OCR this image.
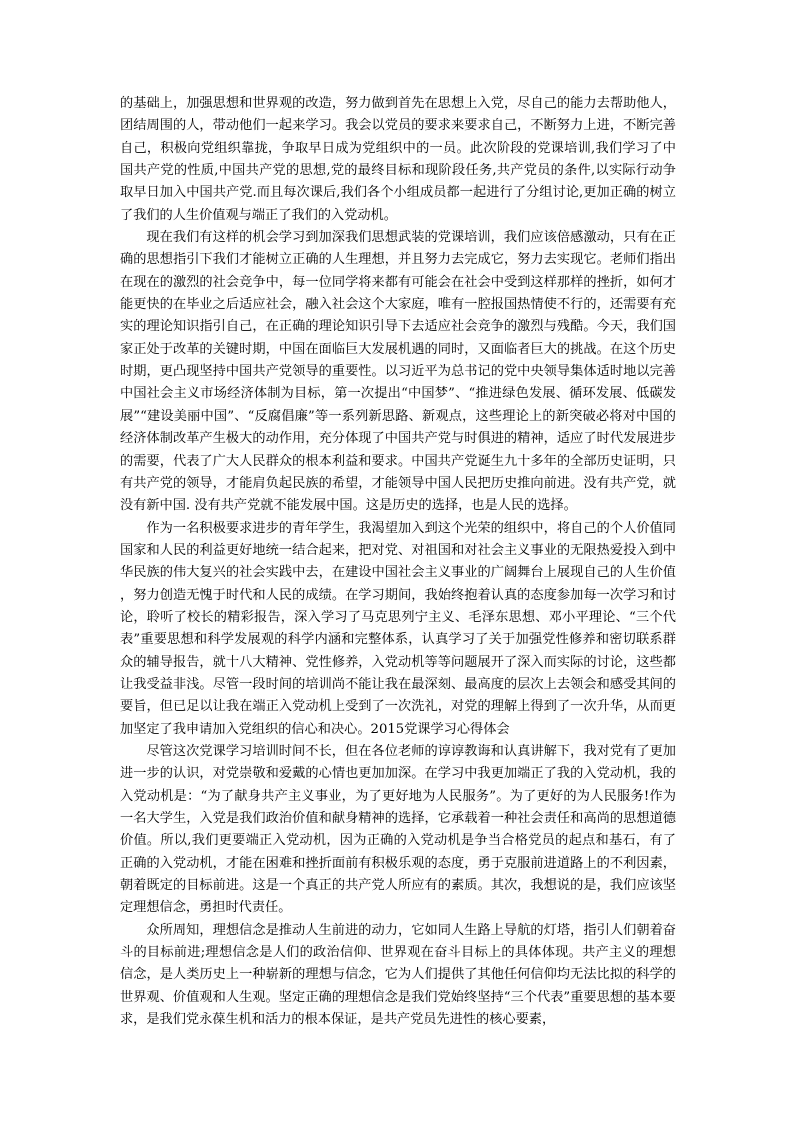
的基础上，加强思想和世界观的改造，努力做到首先在思想上入党，尽自己的能力去帮助他人，团结周围的人，带动他们一起来学习。我会以党员的要求来要求自己，不断努力上进，不断完善自己，积极向党组织靠拢，争取早日成为党组织中的一员。此次阶段的党课培训,我们学习了中国共产党的性质,中国共产党的思想,党的最终目标和现阶段任务,共产党员的条件,以实际行动争取早日加入中国共产党.而且每次课后,我们各个小组成员都一起进行了分组讨论,更加正确的树立了我们的人生价值观与端正了我们的入党动机。

现在我们有这样的机会学习到加深我们思想武装的党课培训，我们应该倍感激动，只有在正确的思想指引下我们才能树立正确的人生理想，并且努力去完成它，努力去实现它。老师们指出在现在的激烈的社会竞争中，每一位同学将来都有可能会在社会中受到这样那样的挫折，如何才能更快的在毕业之后适应社会，融入社会这个大家庭，唯有一腔报国热情使不行的，还需要有充实的理论知识指引自己，在正确的理论知识引导下去适应社会竞争的激烈与残酷。今天，我们国家正处于改革的关键时期，中国在面临巨大发展机遇的同时，又面临者巨大的挑战。在这个历史时期，更凸现坚持中国共产党领导的重要性。以习近平为总书记的党中央领导集体适时地以完善中国社会主义市场经济体制为目标，第一次提出“中国梦”、“推进绿色发展、循环发展、低碳发展”“建设美丽中国”、“反腐倡廉”等一系列新思路、新观点，这些理论上的新突破必将对中国的经济体制改革产生极大的动作用，充分体现了中国共产党与时俱进的精神，适应了时代发展进步的需要，代表了广大人民群众的根本利益和要求。中国共产党诞生九十多年的全部历史证明，只有共产党的领导，才能肩负起民族的希望，才能领导中国人民把历史推向前进。没有共产党，就没有新中国. 没有共产党就不能发展中国。这是历史的选择，也是人民的选择。

作为一名积极要求进步的青年学生，我渴望加入到这个光荣的组织中，将自己的个人价值同国家和人民的利益更好地统一结合起来，把对党、对祖国和对社会主义事业的无限热爱投入到中华民族的伟大复兴的社会实践中去，在建设中国社会主义事业的广阔舞台上展现自己的人生价值，努力创造无愧于时代和人民的成绩。在学习期间，我始终抱着认真的态度参加每一次学习和讨论，聆听了校长的精彩报告，深入学习了马克思列宁主义、毛泽东思想、邓小平理论、“三个代表”重要思想和科学发展观的科学内涵和完整体系，认真学习了关于加强党性修养和密切联系群众的辅导报告，就十八大精神、党性修养，入党动机等等问题展开了深入而实际的讨论，这些都让我受益非浅。尽管一段时间的培训尚不能让我在最深刻、最高度的层次上去领会和感受其间的要旨，但已足以让我在端正入党动机上受到了一次洗礼，对党的理解上得到了一次升华，从而更加坚定了我申请加入党组织的信心和决心。2015党课学习心得体会

尽管这次党课学习培训时间不长，但在各位老师的谆谆教诲和认真讲解下，我对党有了更加进一步的认识，对党崇敬和爱戴的心情也更加加深。在学习中我更加端正了我的入党动机，我的入党动机是：“为了献身共产主义事业，为了更好地为人民服务”。为了更好的为人民服务!作为一名大学生，入党是我们政治价值和献身精神的选择，它承载着一种社会责任和高尚的思想道德价值。所以,我们更要端正入党动机，因为正确的入党动机是争当合格党员的起点和基石，有了正确的入党动机，才能在困难和挫折面前有积极乐观的态度，勇于克服前进道路上的不利因素，朝着既定的目标前进。这是一个真正的共产党人所应有的素质。其次，我想说的是，我们应该坚定理想信念，勇担时代责任。

众所周知，理想信念是推动人生前进的动力，它如同人生路上导航的灯塔，指引人们朝着奋斗的目标前进;理想信念是人们的政治信仰、世界观在奋斗目标上的具体体现。共产主义的理想信念，是人类历史上一种崭新的理想与信念，它为人们提供了其他任何信仰均无法比拟的科学的世界观、价值观和人生观。坚定正确的理想信念是我们党始终坚持“三个代表”重要思想的基本要求，是我们党永葆生机和活力的根本保证，是共产党员先进性的核心要素，
